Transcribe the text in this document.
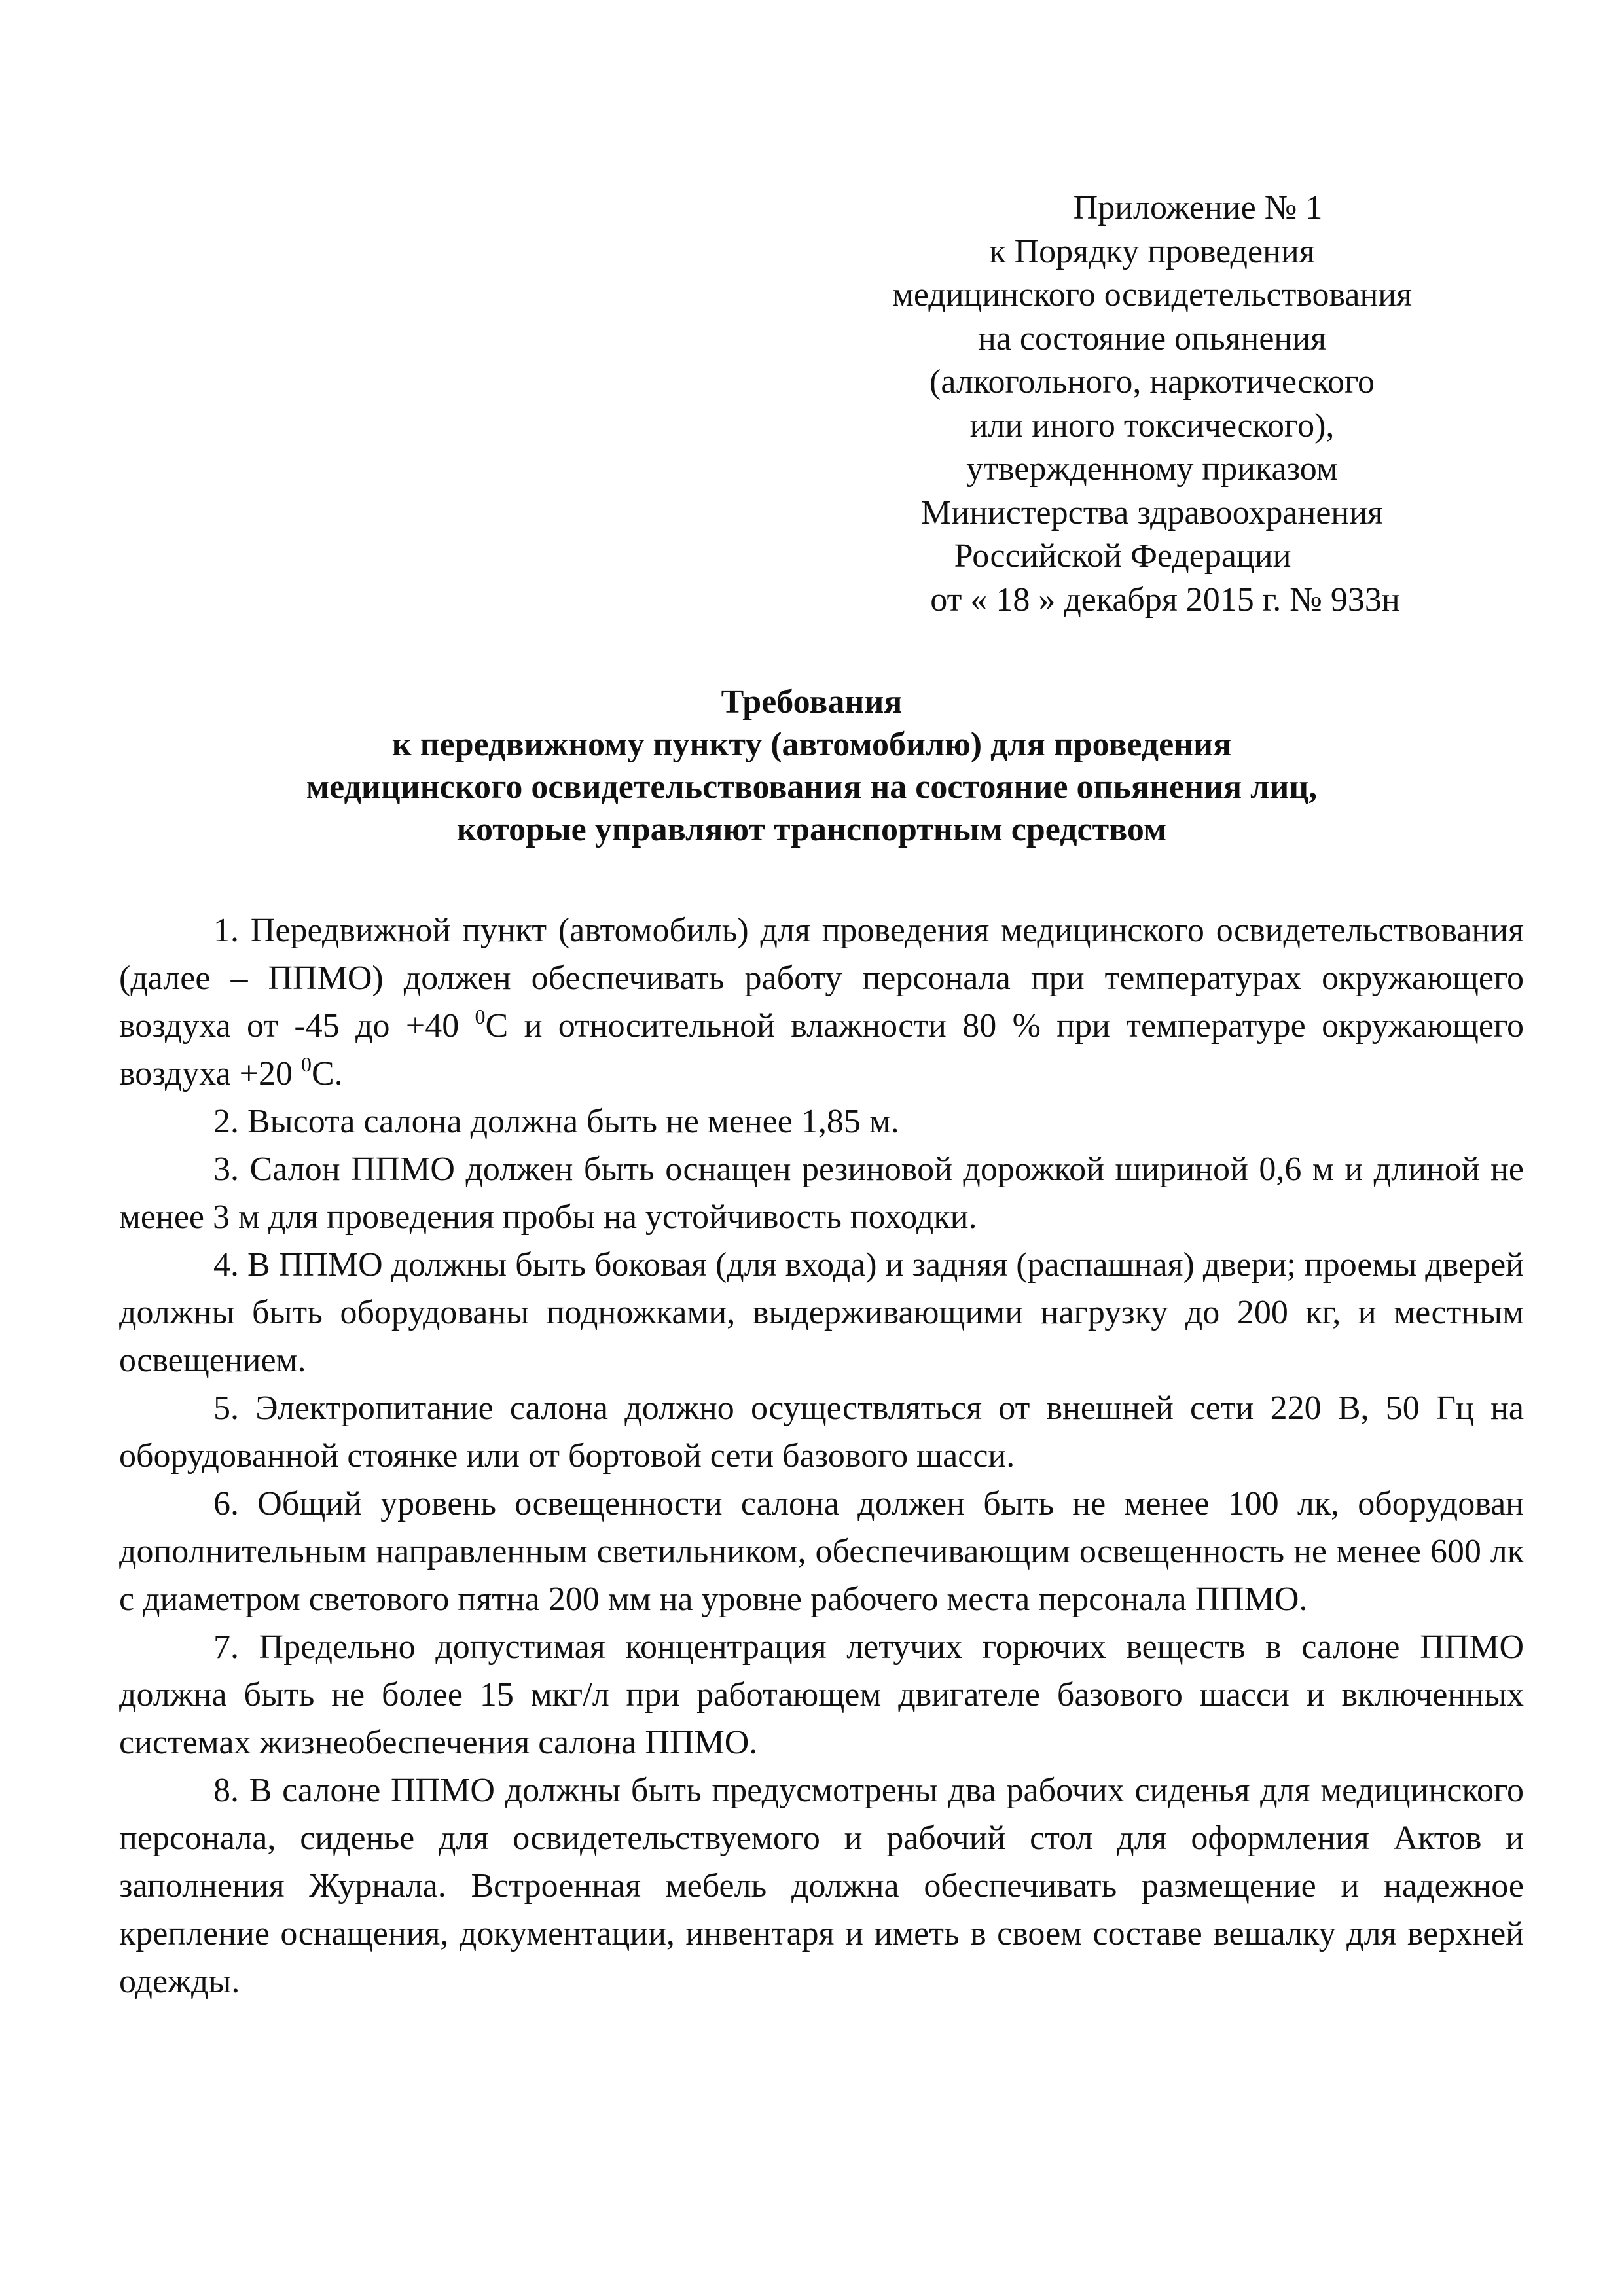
Приложение № 1
к Порядку проведения
медицинского освидетельствования
на состояние опьянения
(алкогольного, наркотического
или иного токсического),
утвержденному приказом
Министерства здравоохранения
Российской Федерации
от « 18 » декабря 2015 г. № 933н
Требования
к передвижному пункту (автомобилю) для проведения
медицинского освидетельствования на состояние опьянения лиц,
которые управляют транспортным средством

1. Передвижной пункт (автомобиль) для проведения медицинского освидетельствования (далее – ППМО) должен обеспечивать работу персонала при температурах окружающего воздуха от -45 до +40 $^0$С и относительной влажности 80 % при температуре окружающего воздуха +20 $^0$С.

2. Высота салона должна быть не менее 1,85 м.

3. Салон ППМО должен быть оснащен резиновой дорожкой шириной 0,6 м и длиной не менее 3 м для проведения пробы на устойчивость походки.

4. В ППМО должны быть боковая (для входа) и задняя (распашная) двери; проемы дверей должны быть оборудованы подножками, выдерживающими нагрузку до 200 кг, и местным освещением.

5. Электропитание салона должно осуществляться от внешней сети 220 В, 50 Гц на оборудованной стоянке или от бортовой сети базового шасси.

6. Общий уровень освещенности салона должен быть не менее 100 лк, оборудован дополнительным направленным светильником, обеспечивающим освещенность не менее 600 лк с диаметром светового пятна 200 мм на уровне рабочего места персонала ППМО.

7. Предельно допустимая концентрация летучих горючих веществ в салоне ППМО должна быть не более 15 мкг/л при работающем двигателе базового шасси и включенных системах жизнеобеспечения салона ППМО.

8. В салоне ППМО должны быть предусмотрены два рабочих сиденья для медицинского персонала, сиденье для освидетельствуемого и рабочий стол для оформления Актов и заполнения Журнала. Встроенная мебель должна обеспечивать размещение и надежное крепление оснащения, документации, инвентаря и иметь в своем составе вешалку для верхней одежды.
